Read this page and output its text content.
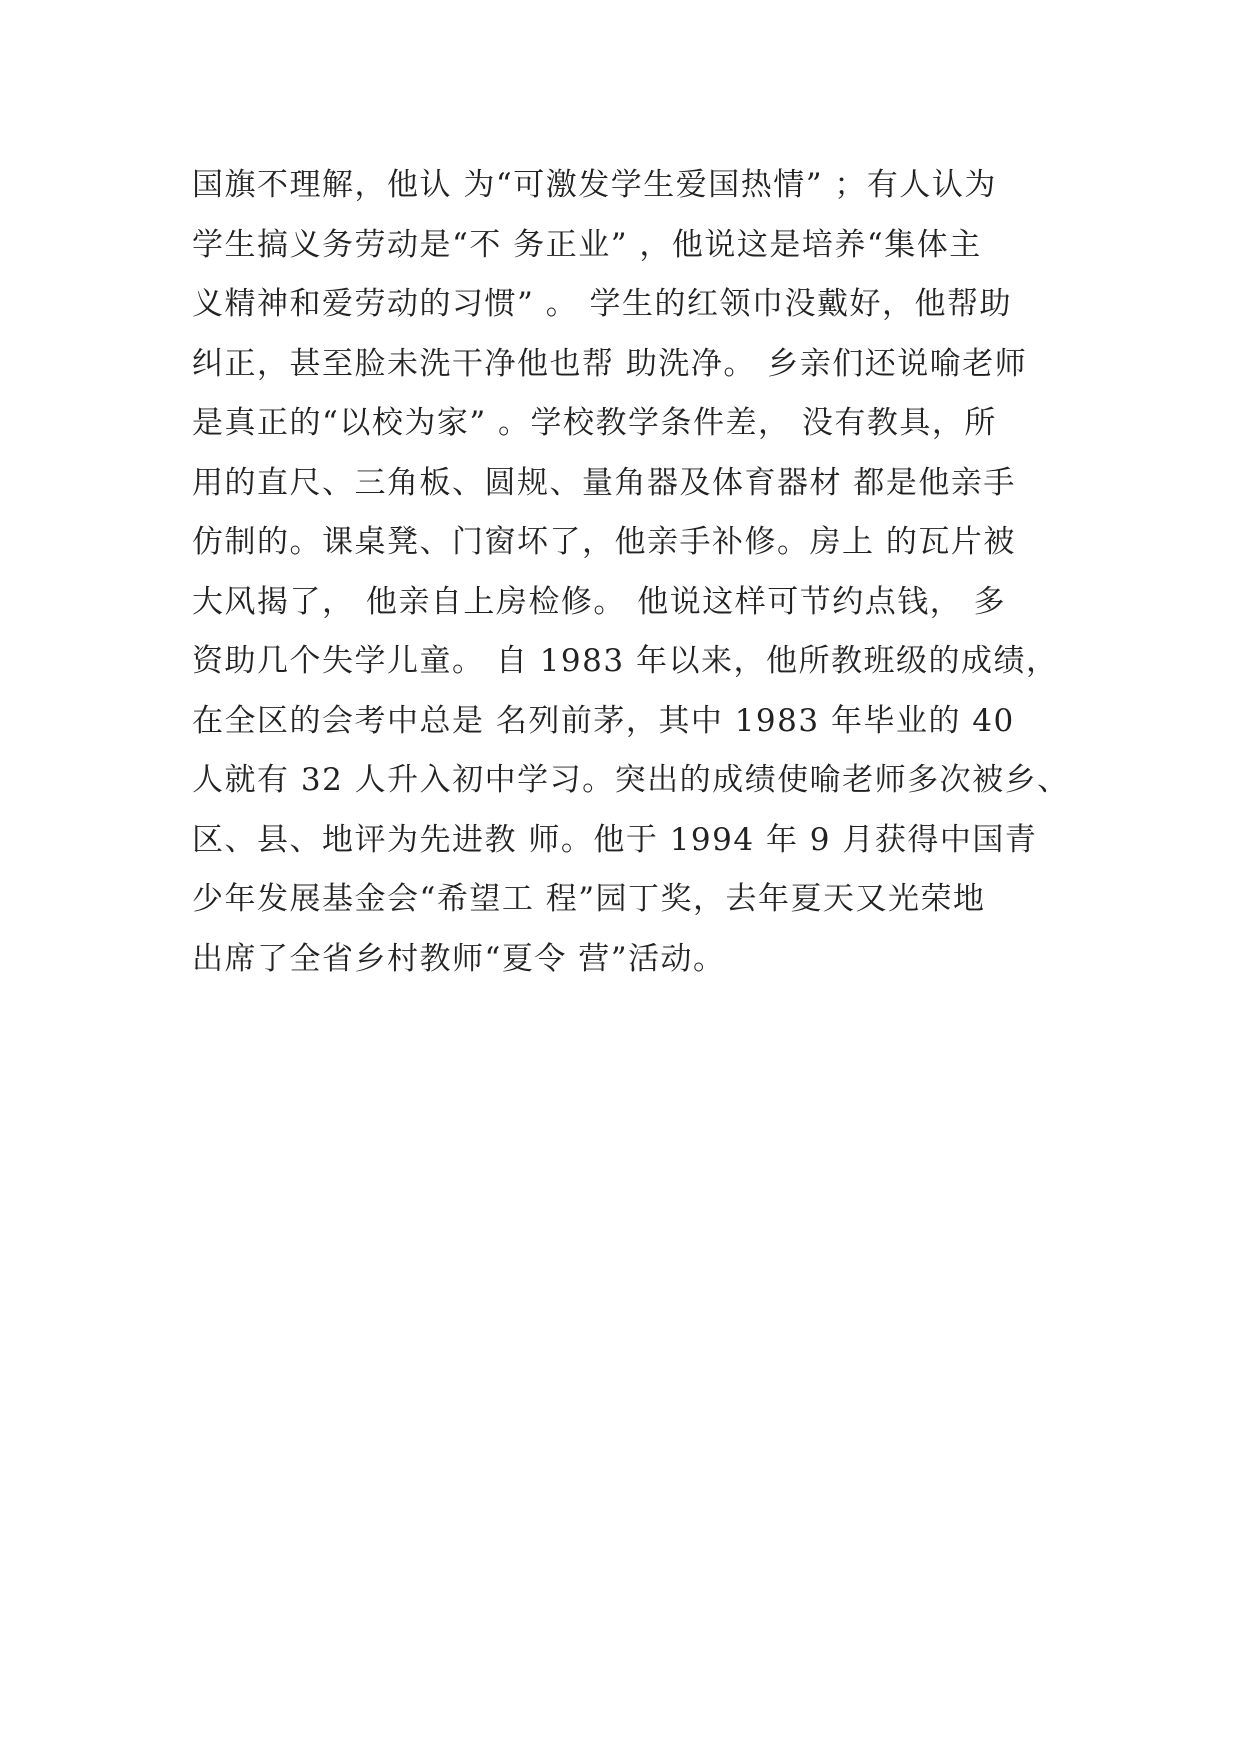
国旗不理解，他认 为“可激发学生爱国热情” ；有人认为
学生搞义务劳动是“不 务正业” ，他说这是培养“集体主
义精神和爱劳动的习惯” 。 学生的红领巾没戴好，他帮助
纠正，甚至脸未洗干净他也帮 助洗净。 乡亲们还说喻老师
是真正的“以校为家” 。学校教学条件差， 没有教具，所
用的直尺、三角板、圆规、量角器及体育器材 都是他亲手
仿制的。课桌凳、门窗坏了，他亲手补修。房上 的瓦片被
大风揭了， 他亲自上房检修。 他说这样可节约点钱， 多
资助几个失学儿童。 自 1983 年以来，他所教班级的成绩，
在全区的会考中总是 名列前茅，其中 1983 年毕业的 40
人就有 32 人升入初中学习。突出的成绩使喻老师多次被乡、
区、县、地评为先进教 师。他于 1994 年 9 月获得中国青
少年发展基金会“希望工 程”园丁奖，去年夏天又光荣地
出席了全省乡村教师“夏令 营”活动。
